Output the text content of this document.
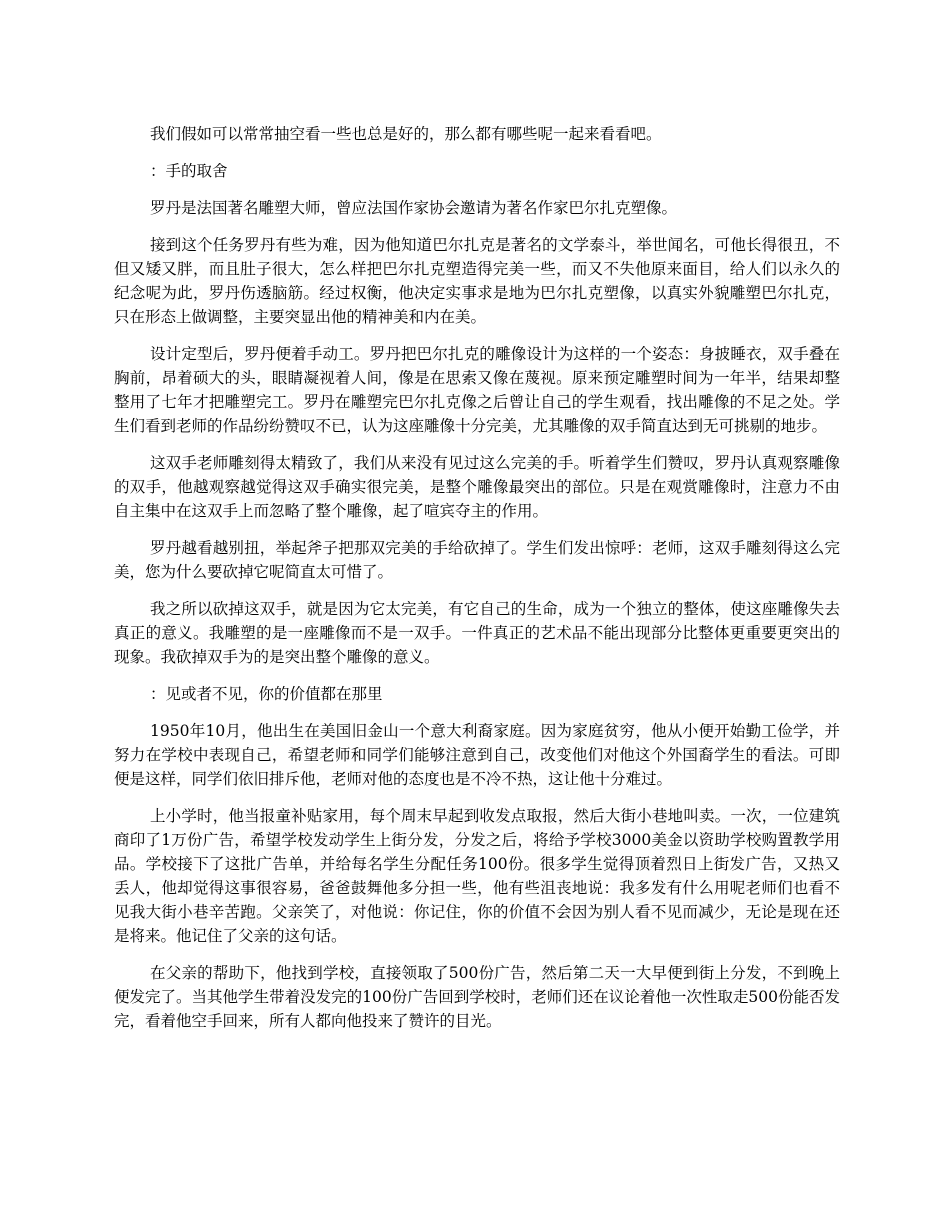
我们假如可以常常抽空看一些也总是好的，那么都有哪些呢一起来看看吧。

：手的取舍

罗丹是法国著名雕塑大师，曾应法国作家协会邀请为著名作家巴尔扎克塑像。

接到这个任务罗丹有些为难，因为他知道巴尔扎克是著名的文学泰斗，举世闻名，可他长得很丑，不但又矮又胖，而且肚子很大，怎么样把巴尔扎克塑造得完美一些，而又不失他原来面目，给人们以永久的纪念呢为此，罗丹伤透脑筋。经过权衡，他决定实事求是地为巴尔扎克塑像，以真实外貌雕塑巴尔扎克，只在形态上做调整，主要突显出他的精神美和内在美。

设计定型后，罗丹便着手动工。罗丹把巴尔扎克的雕像设计为这样的一个姿态：身披睡衣，双手叠在胸前，昂着硕大的头，眼睛凝视着人间，像是在思索又像在蔑视。原来预定雕塑时间为一年半，结果却整整用了七年才把雕塑完工。罗丹在雕塑完巴尔扎克像之后曾让自己的学生观看，找出雕像的不足之处。学生们看到老师的作品纷纷赞叹不已，认为这座雕像十分完美，尤其雕像的双手简直达到无可挑剔的地步。

这双手老师雕刻得太精致了，我们从来没有见过这么完美的手。听着学生们赞叹，罗丹认真观察雕像的双手，他越观察越觉得这双手确实很完美，是整个雕像最突出的部位。只是在观赏雕像时，注意力不由自主集中在这双手上而忽略了整个雕像，起了喧宾夺主的作用。

罗丹越看越别扭，举起斧子把那双完美的手给砍掉了。学生们发出惊呼：老师，这双手雕刻得这么完美，您为什么要砍掉它呢简直太可惜了。

我之所以砍掉这双手，就是因为它太完美，有它自己的生命，成为一个独立的整体，使这座雕像失去真正的意义。我雕塑的是一座雕像而不是一双手。一件真正的艺术品不能出现部分比整体更重要更突出的现象。我砍掉双手为的是突出整个雕像的意义。

：见或者不见，你的价值都在那里

1950年10月，他出生在美国旧金山一个意大利裔家庭。因为家庭贫穷，他从小便开始勤工俭学，并努力在学校中表现自己，希望老师和同学们能够注意到自己，改变他们对他这个外国裔学生的看法。可即便是这样，同学们依旧排斥他，老师对他的态度也是不冷不热，这让他十分难过。

上小学时，他当报童补贴家用，每个周末早起到收发点取报，然后大街小巷地叫卖。一次，一位建筑商印了1万份广告，希望学校发动学生上街分发，分发之后，将给予学校3000美金以资助学校购置教学用品。学校接下了这批广告单，并给每名学生分配任务100份。很多学生觉得顶着烈日上街发广告，又热又丢人，他却觉得这事很容易，爸爸鼓舞他多分担一些，他有些沮丧地说：我多发有什么用呢老师们也看不见我大街小巷辛苦跑。父亲笑了，对他说：你记住，你的价值不会因为别人看不见而减少，无论是现在还是将来。他记住了父亲的这句话。

在父亲的帮助下，他找到学校，直接领取了500份广告，然后第二天一大早便到街上分发，不到晚上便发完了。当其他学生带着没发完的100份广告回到学校时，老师们还在议论着他一次性取走500份能否发完，看着他空手回来，所有人都向他投来了赞许的目光。
